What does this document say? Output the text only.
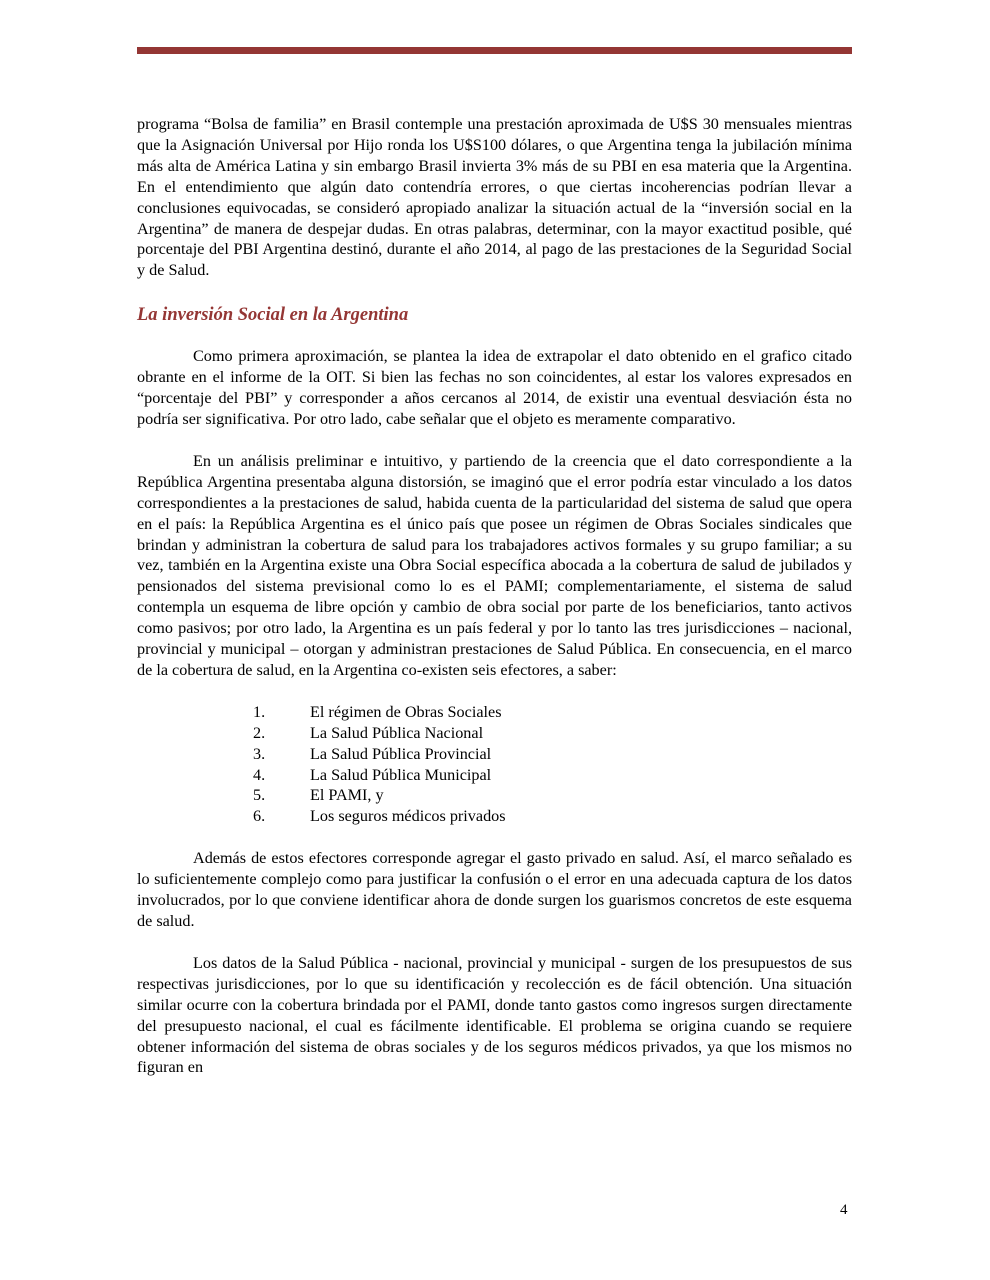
programa “Bolsa de familia” en Brasil contemple una prestación aproximada de U$S 30 mensuales mientras que la Asignación Universal por Hijo ronda los U$S100 dólares, o que Argentina tenga la jubilación mínima más alta de América Latina y sin embargo Brasil invierta 3% más de su PBI en esa materia que la Argentina. En el entendimiento que algún dato contendría errores, o que ciertas incoherencias podrían llevar a conclusiones equivocadas, se consideró apropiado analizar la situación actual de la “inversión social en la Argentina” de manera de despejar dudas. En otras palabras, determinar, con la mayor exactitud posible, qué porcentaje del PBI Argentina destinó, durante el año 2014, al pago de las prestaciones de la Seguridad Social y de Salud.

La inversión Social en la Argentina

Como primera aproximación, se plantea la idea de extrapolar el dato obtenido en el grafico citado obrante en el informe de la OIT. Si bien las fechas no son coincidentes, al estar los valores expresados en “porcentaje del PBI” y corresponder a años cercanos al 2014, de existir una eventual desviación ésta no podría ser significativa. Por otro lado, cabe señalar que el objeto es meramente comparativo.

En un análisis preliminar e intuitivo, y partiendo de la creencia que el dato correspondiente a la República Argentina presentaba alguna distorsión, se imaginó que el error podría estar vinculado a los datos correspondientes a la prestaciones de salud, habida cuenta de la particularidad del sistema de salud que opera en el país: la República Argentina es el único país que posee un régimen de Obras Sociales sindicales que brindan y administran la cobertura de salud para los trabajadores activos formales y su grupo familiar; a su vez, también en la Argentina existe una Obra Social específica abocada a la cobertura de salud de jubilados y pensionados del sistema previsional como lo es el PAMI; complementariamente, el sistema de salud contempla un esquema de libre opción y cambio de obra social por parte de los beneficiarios, tanto activos como pasivos; por otro lado, la Argentina es un país federal y por lo tanto las tres jurisdicciones – nacional, provincial y municipal – otorgan y administran prestaciones de Salud Pública. En consecuencia, en el marco de la cobertura de salud, en la Argentina co-existen seis efectores, a saber:

1.	El régimen de Obras Sociales
2.	La Salud Pública Nacional
3.	La Salud Pública Provincial
4.	La Salud Pública Municipal
5.	El PAMI, y
6.	Los seguros médicos privados

Además de estos efectores corresponde agregar el gasto privado en salud. Así, el marco señalado es lo suficientemente complejo como para justificar la confusión o el error en una adecuada captura de los datos involucrados, por lo que conviene identificar ahora de donde surgen los guarismos concretos de este esquema de salud.

Los datos de la Salud Pública - nacional, provincial y municipal - surgen de los presupuestos de sus respectivas jurisdicciones, por lo que su identificación y recolección es de fácil obtención. Una situación similar ocurre con la cobertura brindada por el PAMI, donde tanto gastos como ingresos surgen directamente del presupuesto nacional, el cual es fácilmente identificable. El problema se origina cuando se requiere obtener información del sistema de obras sociales y de los seguros médicos privados, ya que los mismos no figuran en

4
